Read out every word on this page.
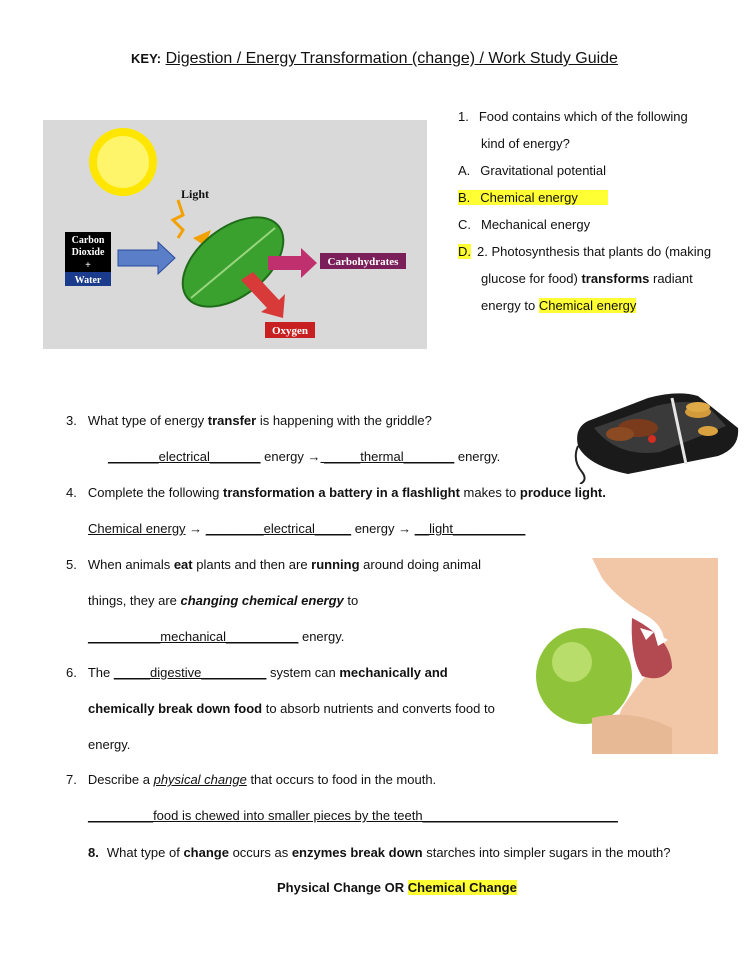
KEY: Digestion / Energy Transformation (change) / Work Study Guide
Light
Carbon
Dioxide
+
Water
Carbohydrates
Oxygen
1. Food contains which of the following
kind of energy?
A. Gravitational potential
B. Chemical energy
C. Mechanical energy
D. 2. Photosynthesis that plants do (making
glucose for food) transforms radiant
energy to Chemical energy
3. What type of energy transfer is happening with the griddle?
_______electrical_______ energy → _____thermal_______ energy.
4. Complete the following transformation a battery in a flashlight makes to produce light.
Chemical energy → ________electrical_____ energy → __light__________
5. When animals eat plants and then are running around doing animal
things, they are changing chemical energy to
__________mechanical__________ energy.
6. The _____digestive_________ system can mechanically and
chemically break down food to absorb nutrients and converts food to
energy.
7. Describe a physical change that occurs to food in the mouth.
_________food is chewed into smaller pieces by the teeth___________________________
8. What type of change occurs as enzymes break down starches into simpler sugars in the mouth?
Physical Change OR Chemical Change
